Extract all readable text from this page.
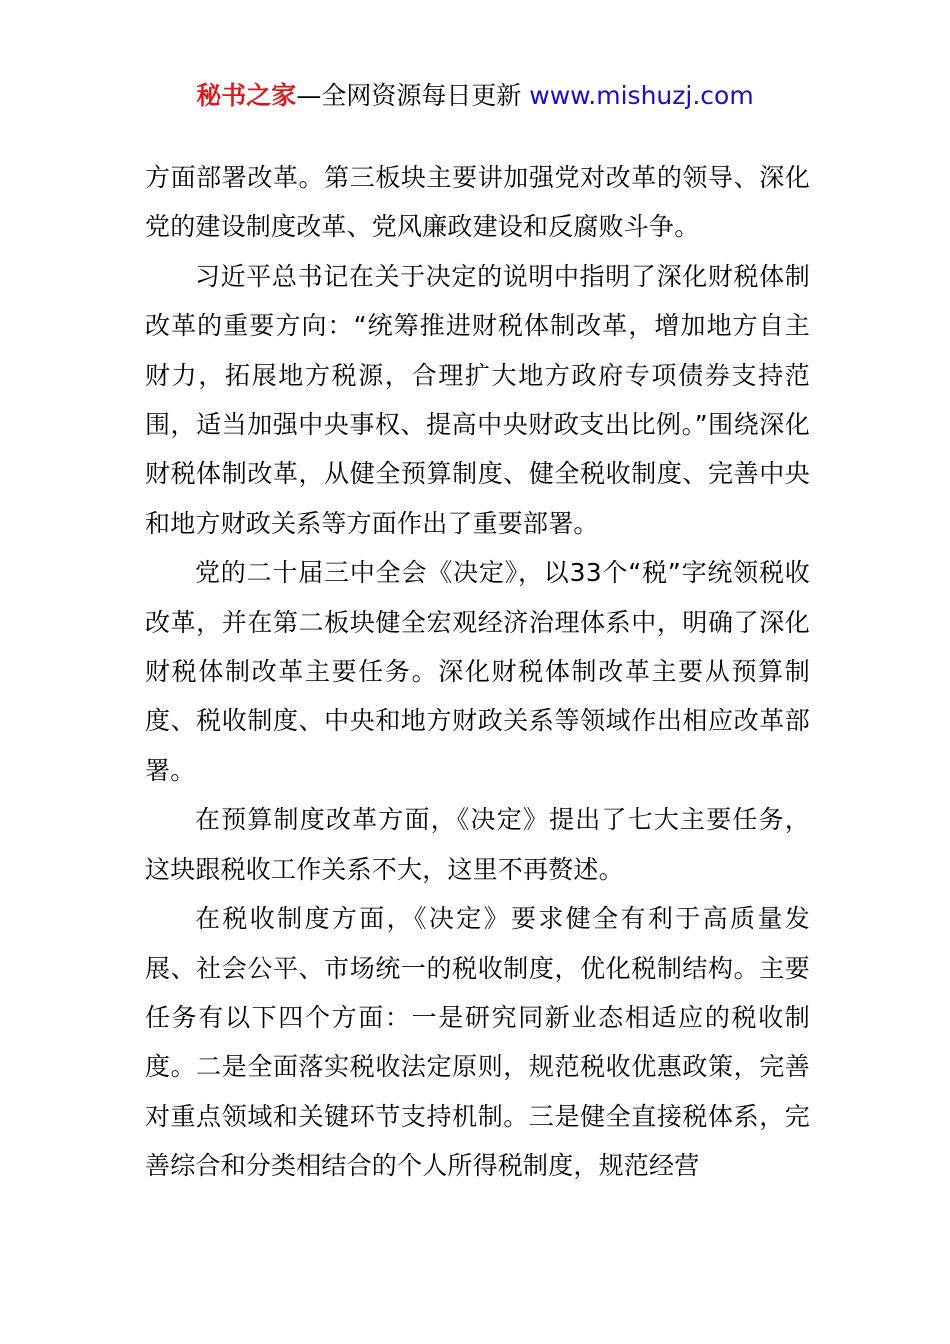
秘书之家—全网资源每日更新 www.mishuzj.com

方面部署改革。第三板块主要讲加强党对改革的领导、深化党的建设制度改革、党风廉政建设和反腐败斗争。

习近平总书记在关于决定的说明中指明了深化财税体制改革的重要方向：“统筹推进财税体制改革，增加地方自主财力，拓展地方税源，合理扩大地方政府专项债券支持范围，适当加强中央事权、提高中央财政支出比例。”围绕深化财税体制改革，从健全预算制度、健全税收制度、完善中央和地方财政关系等方面作出了重要部署。

党的二十届三中全会《决定》，以33个“税”字统领税收改革，并在第二板块健全宏观经济治理体系中，明确了深化财税体制改革主要任务。深化财税体制改革主要从预算制度、税收制度、中央和地方财政关系等领域作出相应改革部署。

在预算制度改革方面，《决定》提出了七大主要任务，这块跟税收工作关系不大，这里不再赘述。

在税收制度方面，《决定》要求健全有利于高质量发展、社会公平、市场统一的税收制度，优化税制结构。主要任务有以下四个方面：一是研究同新业态相适应的税收制度。二是全面落实税收法定原则，规范税收优惠政策，完善对重点领域和关键环节支持机制。三是健全直接税体系，完善综合和分类相结合的个人所得税制度，规范经营
